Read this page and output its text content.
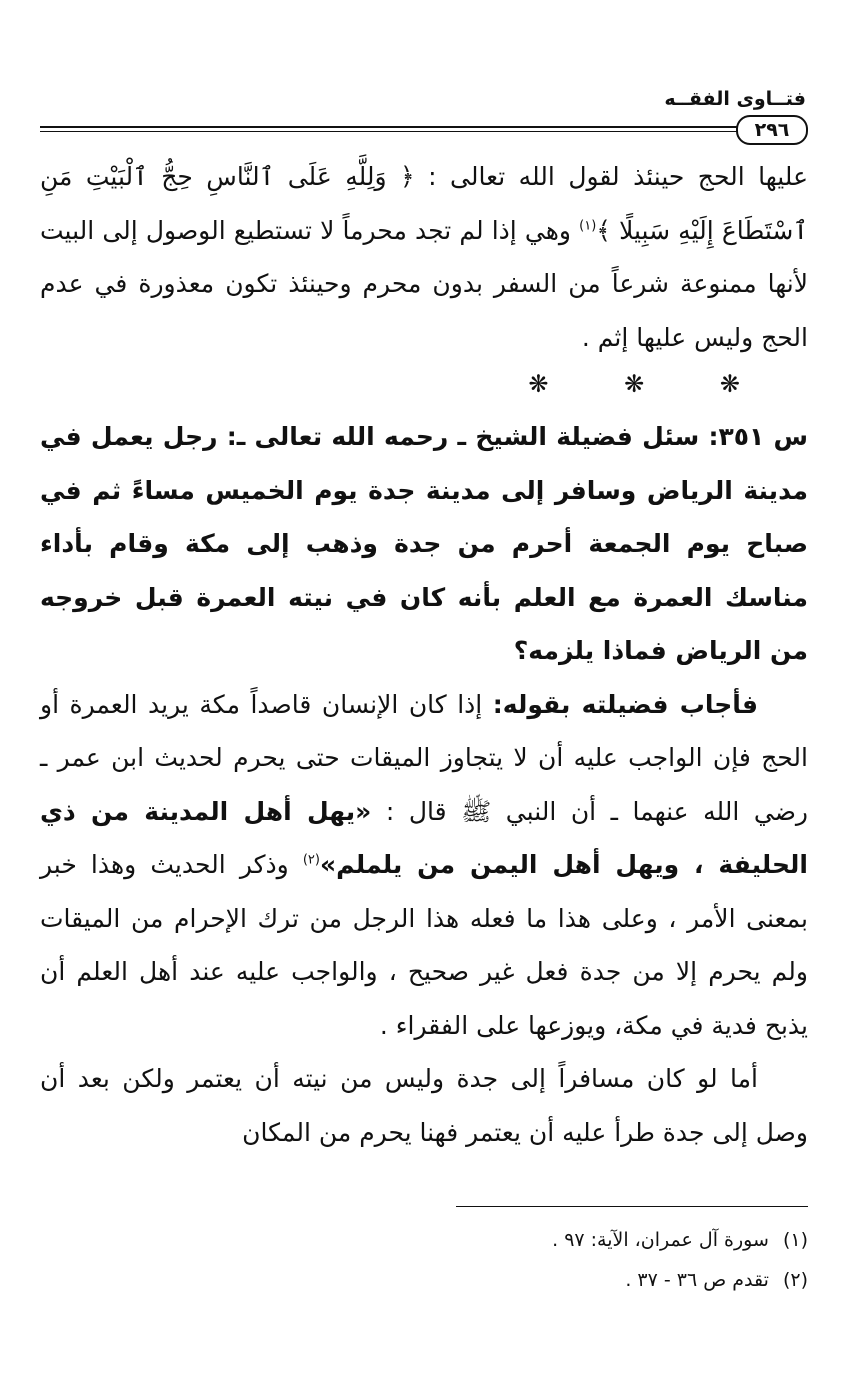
فتــاوى الفقــه
٢٩٦

عليها الحج حينئذ لقول الله تعالى : ﴿ وَلِلَّهِ عَلَى ٱلنَّاسِ حِجُّ ٱلْبَيْتِ مَنِ ٱسْتَطَاعَ إِلَيْهِ سَبِيلًا ﴾$^{(١)}$ وهي إذا لم تجد محرماً لا تستطيع الوصول إلى البيت لأنها ممنوعة شرعاً من السفر بدون محرم وحينئذ تكون معذورة في عدم الحج وليس عليها إثم .

❋ ❋ ❋

س ٣٥١: سئل فضيلة الشيخ ـ رحمه الله تعالى ـ: رجل يعمل في مدينة الرياض وسافر إلى مدينة جدة يوم الخميس مساءً ثم في صباح يوم الجمعة أحرم من جدة وذهب إلى مكة وقام بأداء مناسك العمرة مع العلم بأنه كان في نيته العمرة قبل خروجه من الرياض فماذا يلزمه؟

فأجاب فضيلته بقوله: إذا كان الإنسان قاصداً مكة يريد العمرة أو الحج فإن الواجب عليه أن لا يتجاوز الميقات حتى يحرم لحديث ابن عمر ـ رضي الله عنهما ـ أن النبي ﷺ قال : «يهل أهل المدينة من ذي الحليفة ، ويهل أهل اليمن من يلملم»$^{(٢)}$ وذكر الحديث وهذا خبر بمعنى الأمر ، وعلى هذا ما فعله هذا الرجل من ترك الإحرام من الميقات ولم يحرم إلا من جدة فعل غير صحيح ، والواجب عليه عند أهل العلم أن يذبح فدية في مكة، ويوزعها على الفقراء .

أما لو كان مسافراً إلى جدة وليس من نيته أن يعتمر ولكن بعد أن وصل إلى جدة طرأ عليه أن يعتمر فهنا يحرم من المكان

(١) سورة آل عمران، الآية: ٩٧ .
(٢) تقدم ص ٣٦ - ٣٧ .
